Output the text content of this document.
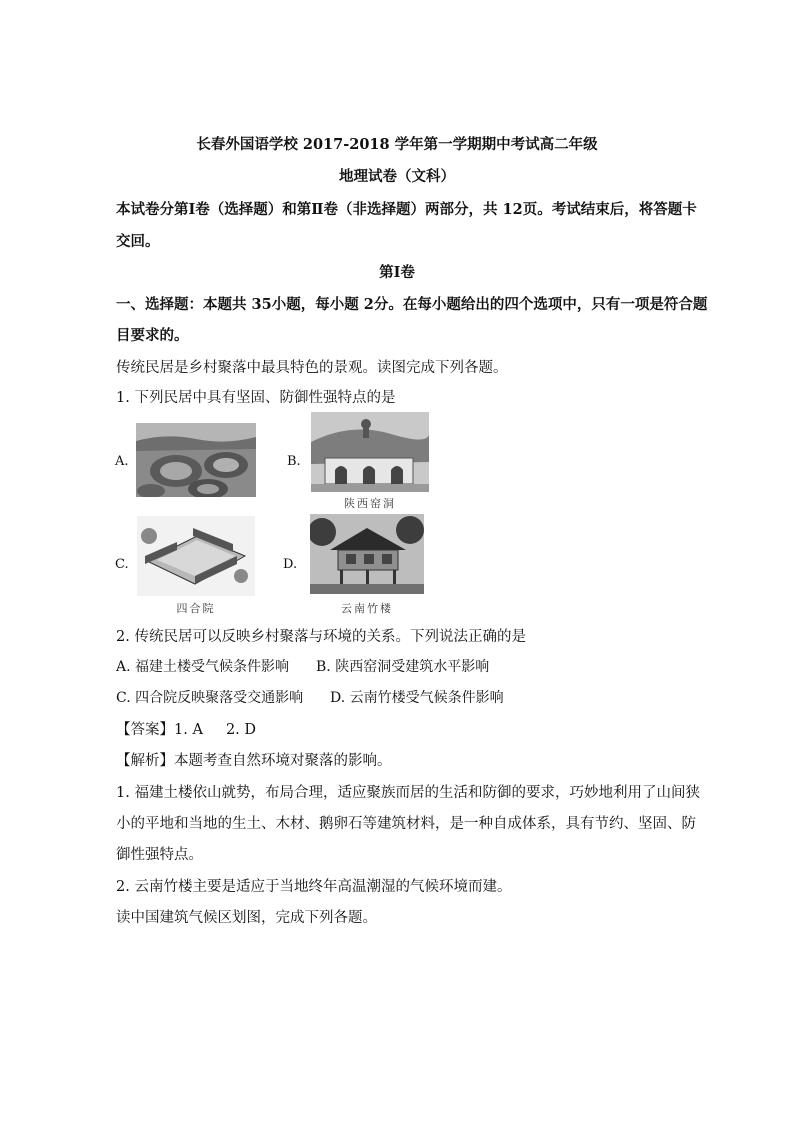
长春外国语学校 2017-2018 学年第一学期期中考试高二年级
地理试卷（文科）
本试卷分第Ⅰ卷（选择题）和第Ⅱ卷（非选择题）两部分，共 12页。考试结束后，将答题卡
交回。
第Ⅰ卷
一、选择题：本题共 35小题，每小题 2分。在每小题给出的四个选项中，只有一项是符合题
目要求的。
传统民居是乡村聚落中最具特色的景观。读图完成下列各题。
1. 下列民居中具有坚固、防御性强特点的是
A.	B.
陕西窑洞
C.
四合院
D.
云南竹楼
2. 传统民居可以反映乡村聚落与环境的关系。下列说法正确的是
A. 福建土楼受气候条件影响 B. 陕西窑洞受建筑水平影响
C. 四合院反映聚落受交通影响 D. 云南竹楼受气候条件影响
【答案】1. A     2. D
【解析】本题考查自然环境对聚落的影响。
1. 福建土楼依山就势，布局合理，适应聚族而居的生活和防御的要求，巧妙地利用了山间狭
小的平地和当地的生土、木材、鹅卵石等建筑材料，是一种自成体系，具有节约、坚固、防
御性强特点。
2. 云南竹楼主要是适应于当地终年高温潮湿的气候环境而建。
读中国建筑气候区划图，完成下列各题。
